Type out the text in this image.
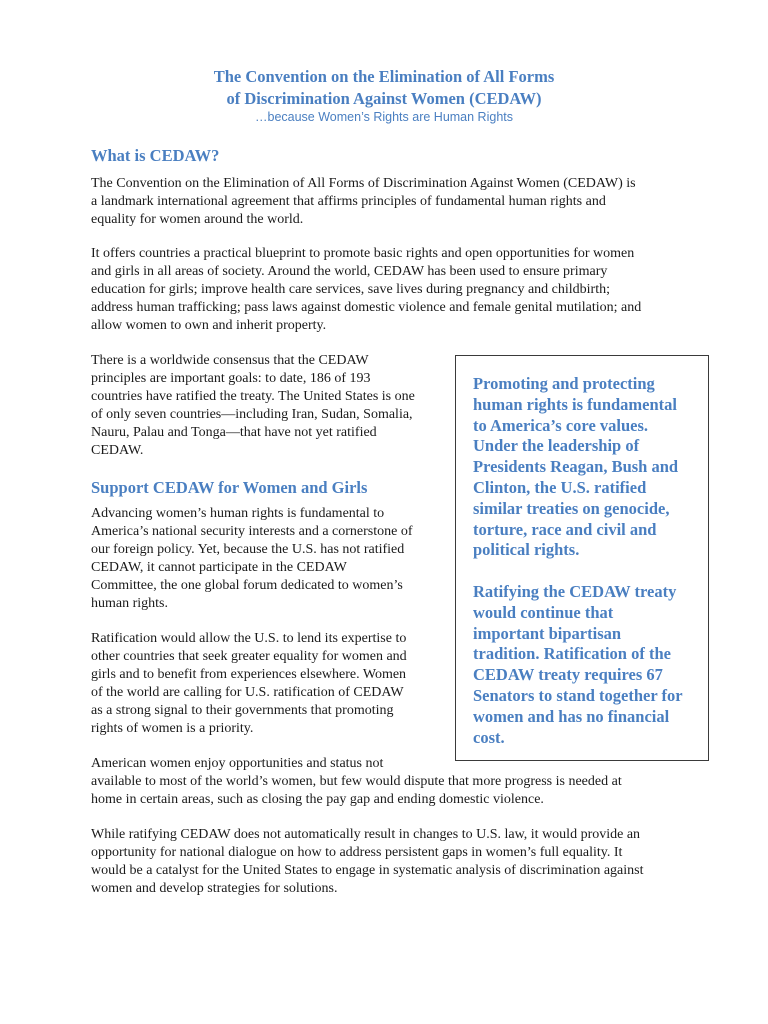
The Convention on the Elimination of All Forms
of Discrimination Against Women (CEDAW)
…because Women’s Rights are Human Rights
What is CEDAW?
The Convention on the Elimination of All Forms of Discrimination Against Women (CEDAW) is
a landmark international agreement that affirms principles of fundamental human rights and
equality for women around the world.
It offers countries a practical blueprint to promote basic rights and open opportunities for women
and girls in all areas of society. Around the world, CEDAW has been used to ensure primary
education for girls; improve health care services, save lives during pregnancy and childbirth;
address human trafficking; pass laws against domestic violence and female genital mutilation; and
allow women to own and inherit property.
There is a worldwide consensus that the CEDAW
principles are important goals: to date, 186 of 193
countries have ratified the treaty. The United States is one
of only seven countries—including Iran, Sudan, Somalia,
Nauru, Palau and Tonga—that have not yet ratified
CEDAW.
Support CEDAW for Women and Girls
Advancing women’s human rights is fundamental to
America’s national security interests and a cornerstone of
our foreign policy. Yet, because the U.S. has not ratified
CEDAW, it cannot participate in the CEDAW
Committee, the one global forum dedicated to women’s
human rights.
Ratification would allow the U.S. to lend its expertise to
other countries that seek greater equality for women and
girls and to benefit from experiences elsewhere. Women
of the world are calling for U.S. ratification of CEDAW
as a strong signal to their governments that promoting
rights of women is a priority.
American women enjoy opportunities and status not
available to most of the world’s women, but few would dispute that more progress is needed at
home in certain areas, such as closing the pay gap and ending domestic violence.
While ratifying CEDAW does not automatically result in changes to U.S. law, it would provide an
opportunity for national dialogue on how to address persistent gaps in women’s full equality. It
would be a catalyst for the United States to engage in systematic analysis of discrimination against
women and develop strategies for solutions.
Promoting and protecting
human rights is fundamental
to America’s core values.
Under the leadership of
Presidents Reagan, Bush and
Clinton, the U.S. ratified
similar treaties on genocide,
torture, race and civil and
political rights.
Ratifying the CEDAW treaty
would continue that
important bipartisan
tradition. Ratification of the
CEDAW treaty requires 67
Senators to stand together for
women and has no financial
cost.
